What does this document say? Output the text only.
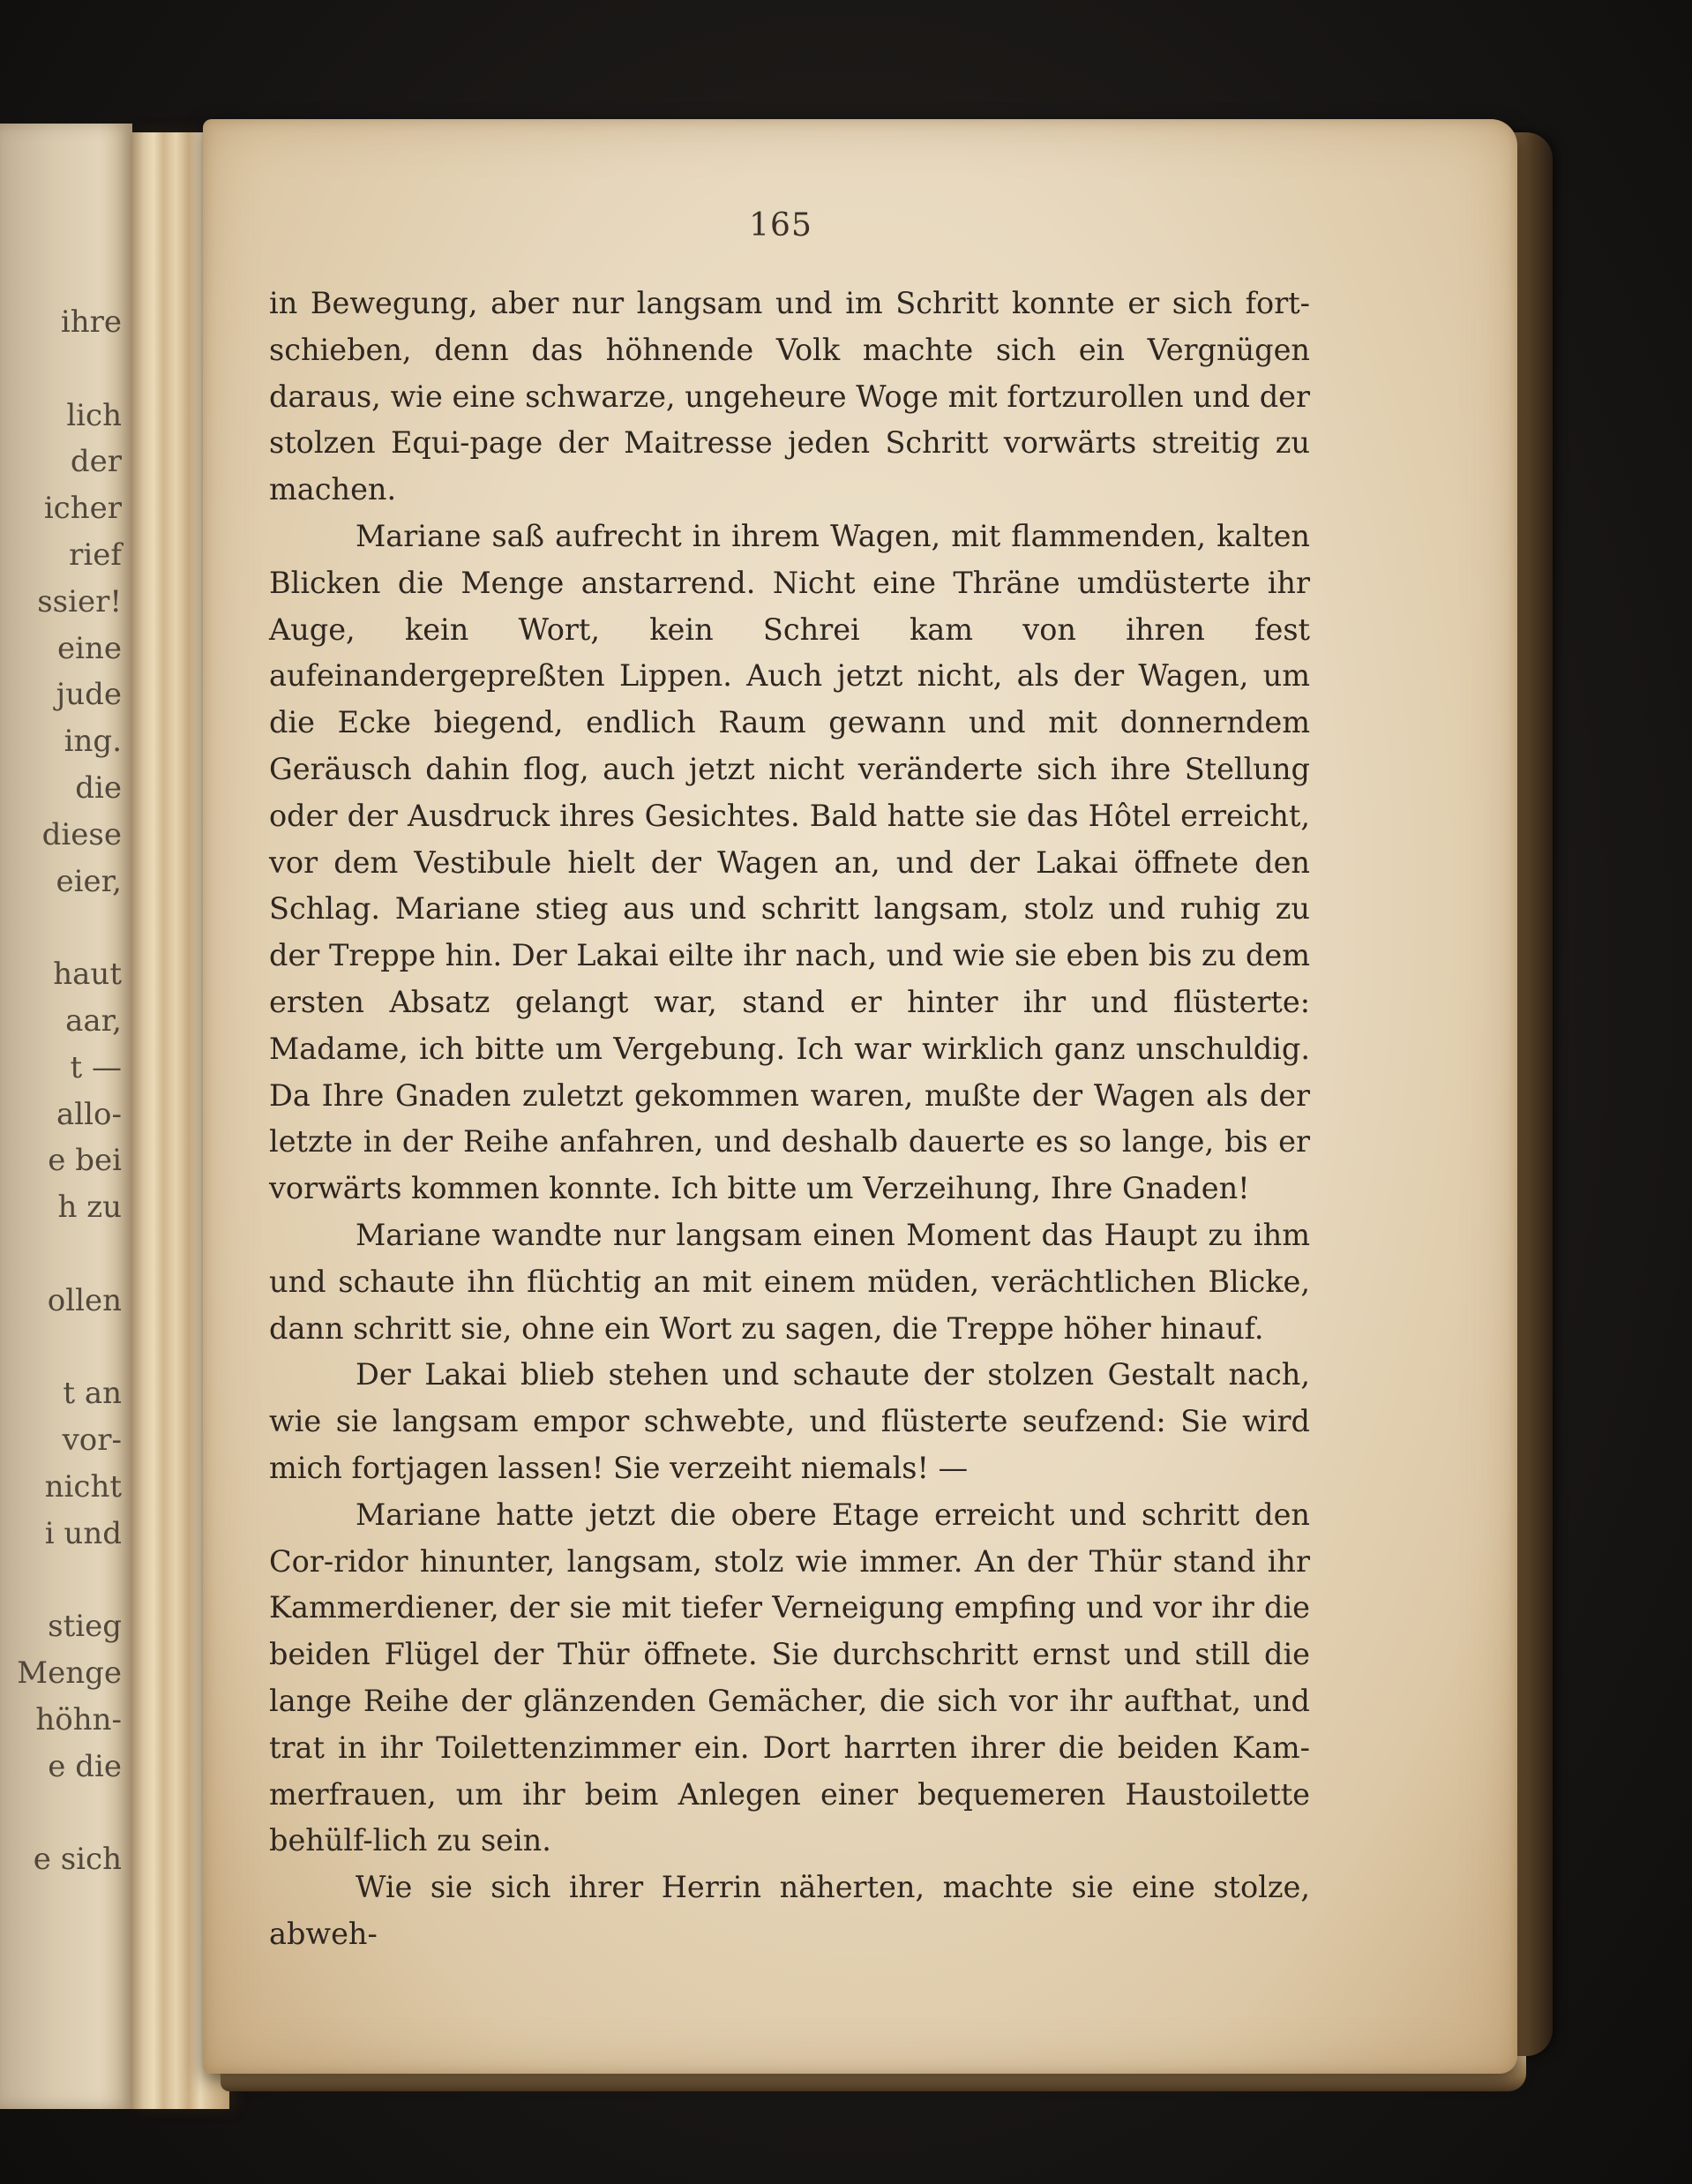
ihre
lich
der
icher
rief
ssier!
eine
jude
ing.
die
diese
eier,
haut
aar,
t —
allo-
e bei
h zu
ollen
t an
vor-
nicht
i und
stieg
Menge
höhn-
e die
e sich
165

in Bewegung, aber nur langsam und im Schritt konnte er sich fort-schieben, denn das höhnende Volk machte sich ein Vergnügen daraus, wie eine schwarze, ungeheure Woge mit fortzurollen und der stolzen Equi-page der Maitresse jeden Schritt vorwärts streitig zu machen.

Mariane saß aufrecht in ihrem Wagen, mit flammenden, kalten Blicken die Menge anstarrend. Nicht eine Thräne umdüsterte ihr Auge, kein Wort, kein Schrei kam von ihren fest aufeinandergepreßten Lippen. Auch jetzt nicht, als der Wagen, um die Ecke biegend, endlich Raum gewann und mit donnerndem Geräusch dahin flog, auch jetzt nicht veränderte sich ihre Stellung oder der Ausdruck ihres Gesichtes. Bald hatte sie das Hôtel erreicht, vor dem Vestibule hielt der Wagen an, und der Lakai öffnete den Schlag. Mariane stieg aus und schritt langsam, stolz und ruhig zu der Treppe hin. Der Lakai eilte ihr nach, und wie sie eben bis zu dem ersten Absatz gelangt war, stand er hinter ihr und flüsterte: Madame, ich bitte um Vergebung. Ich war wirklich ganz unschuldig. Da Ihre Gnaden zuletzt gekommen waren, mußte der Wagen als der letzte in der Reihe anfahren, und deshalb dauerte es so lange, bis er vorwärts kommen konnte. Ich bitte um Verzeihung, Ihre Gnaden!

Mariane wandte nur langsam einen Moment das Haupt zu ihm und schaute ihn flüchtig an mit einem müden, verächtlichen Blicke, dann schritt sie, ohne ein Wort zu sagen, die Treppe höher hinauf.

Der Lakai blieb stehen und schaute der stolzen Gestalt nach, wie sie langsam empor schwebte, und flüsterte seufzend: Sie wird mich fortjagen lassen! Sie verzeiht niemals! —

Mariane hatte jetzt die obere Etage erreicht und schritt den Cor-ridor hinunter, langsam, stolz wie immer. An der Thür stand ihr Kammerdiener, der sie mit tiefer Verneigung empfing und vor ihr die beiden Flügel der Thür öffnete. Sie durchschritt ernst und still die lange Reihe der glänzenden Gemächer, die sich vor ihr aufthat, und trat in ihr Toilettenzimmer ein. Dort harrten ihrer die beiden Kam-merfrauen, um ihr beim Anlegen einer bequemeren Haustoilette behülf-lich zu sein.

Wie sie sich ihrer Herrin näherten, machte sie eine stolze, abweh-
